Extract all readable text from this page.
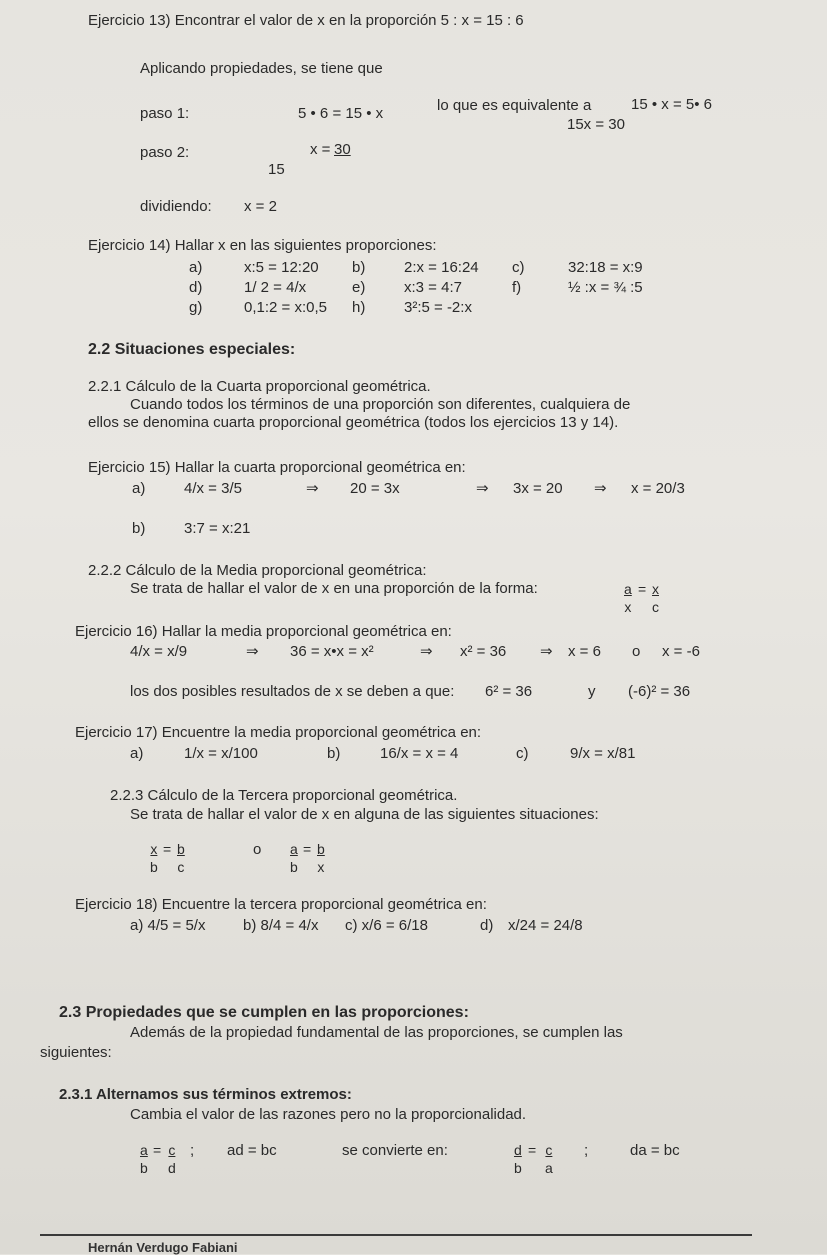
Ejercicio 13) Encontrar el valor de x en la proporción 5 : x = 15 : 6
Aplicando propiedades, se tiene que
paso 1:	5 • 6 = 15 • x	lo que es equivalente a	15 • x = 5• 6
15x = 30
paso 2:	x = 30
15
dividiendo: x = 2
Ejercicio 14) Hallar x en las siguientes proporciones:
a)	x:5 = 12:20 b)	2:x = 16:24 c)	32:18 = x:9
d)	1/ 2 = 4/x	e)	x:3 = 4:7	f)	½ :x = ¾ :5
g)	0,1:2 = x:0,5 h)	3²:5 = -2:x
2.2 Situaciones especiales:
2.2.1 Cálculo de la Cuarta proporcional geométrica.
Cuando todos los términos de una proporción son diferentes, cualquiera de
ellos se denomina cuarta proporcional geométrica (todos los ejercicios 13 y 14).
Ejercicio 15) Hallar la cuarta proporcional geométrica en:
a)	4/x = 3/5	⇒ 20 = 3x	⇒ 3x = 20 ⇒ x = 20/3
b)	3:7 = x:21
2.2.2 Cálculo de la Media proporcional geométrica:
Se trata de hallar el valor de x en una proporción de la forma:	$\frac{a}{x} = \frac{x}{c}$
Ejercicio 16) Hallar la media proporcional geométrica en:
4/x = x/9	⇒ 36 = x•x = x²	⇒ x² = 36 ⇒ x = 6 o x = -6
los dos posibles resultados de x se deben a que: 6² = 36	y (-6)² = 36
Ejercicio 17) Encuentre la media proporcional geométrica en:
a)	1/x = x/100	b)	16/x = x = 4	c)	9/x = x/81
2.2.3 Cálculo de la Tercera proporcional geométrica.
Se trata de hallar el valor de x en alguna de las siguientes situaciones:
$\frac{x}{b} = \frac{b}{c}$	o $\frac{a}{b} = \frac{b}{x}$
Ejercicio 18) Encuentre la tercera proporcional geométrica en:
a) 4/5 = 5/x	b) 8/4 = 4/x c) x/6 = 6/18	d) x/24 = 24/8
2.3 Propiedades que se cumplen en las proporciones:
Además de la propiedad fundamental de las proporciones, se cumplen las
siguientes:
2.3.1 Alternamos sus términos extremos:
Cambia el valor de las razones pero no la proporcionalidad.
$\frac{a}{b} = \frac{c}{d}$ ; ad = bc	se convierte en:	$\frac{d}{b} = \frac{c}{a}$ ;	da = bc
Hernán Verdugo Fabiani
